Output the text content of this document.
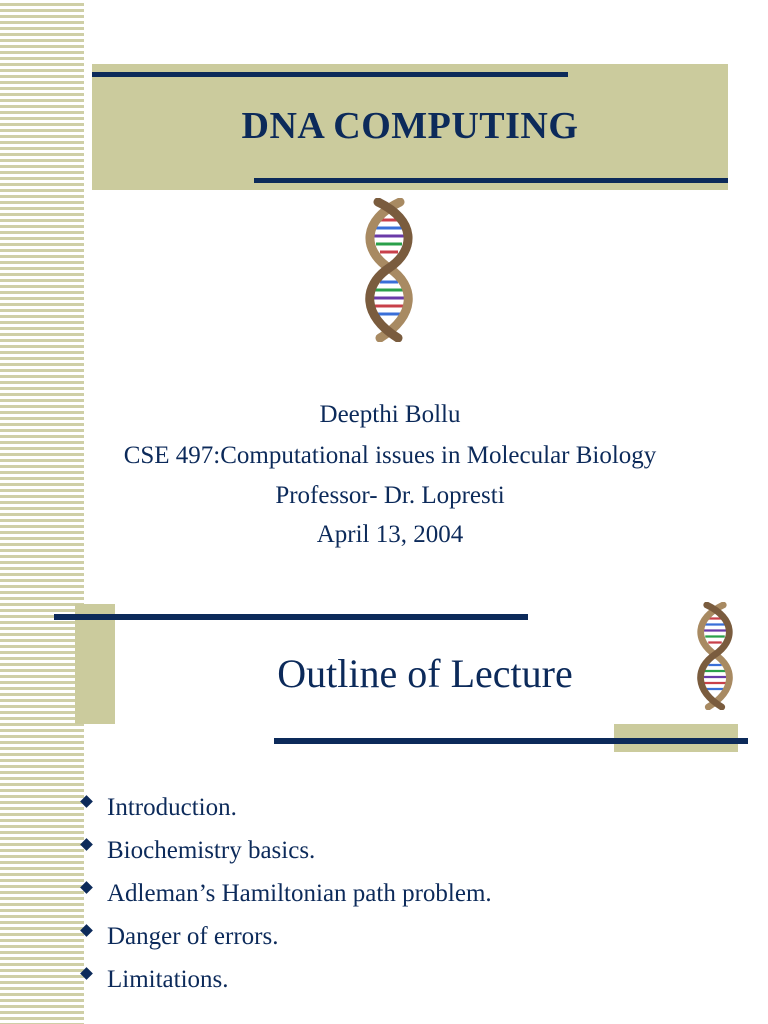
DNA COMPUTING
Deepthi Bollu
CSE 497:Computational issues in Molecular Biology
Professor- Dr. Lopresti
April 13, 2004
Outline of Lecture
Introduction.
Biochemistry basics.
Adleman’s Hamiltonian path problem.
Danger of errors.
Limitations.
